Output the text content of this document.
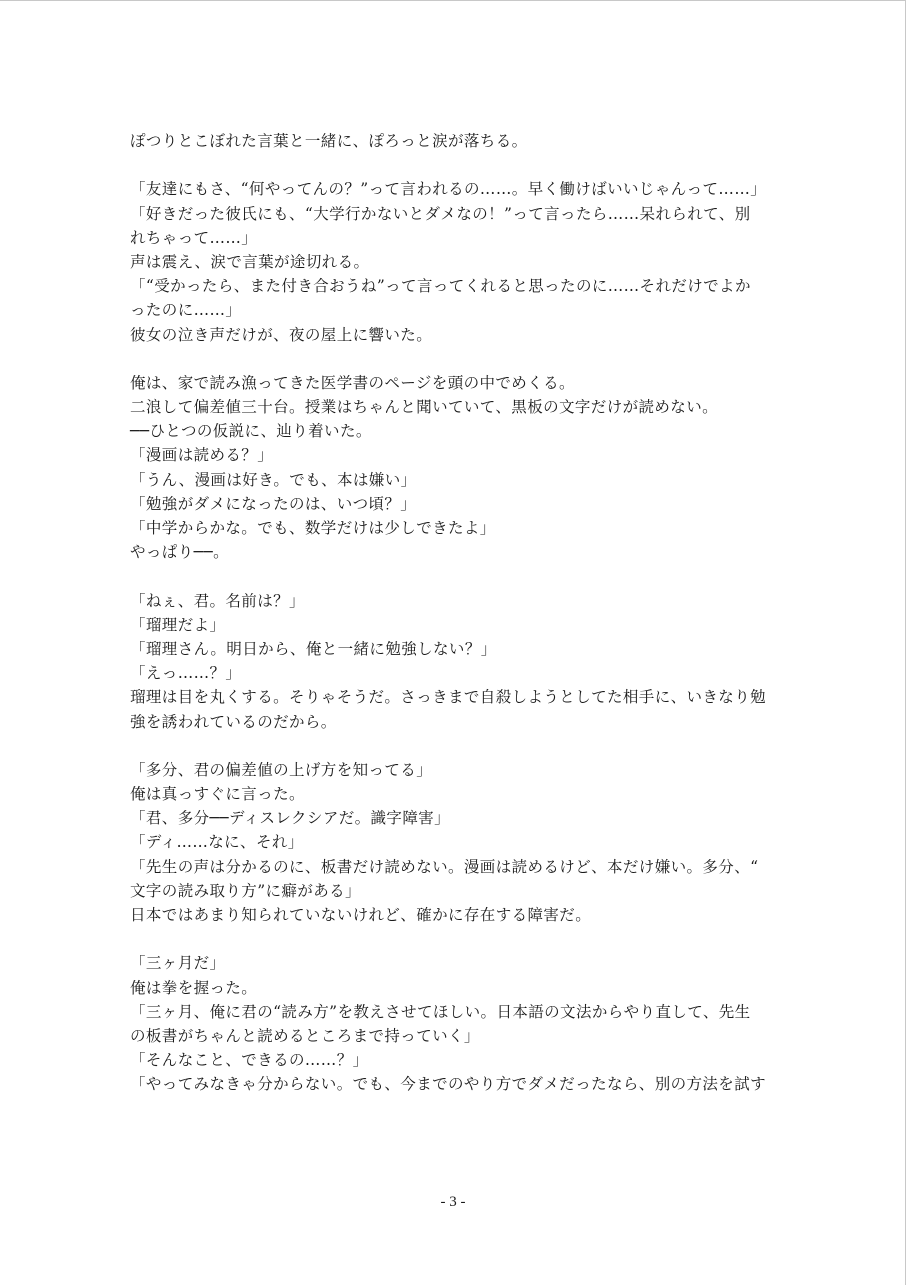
ぽつりとこぼれた言葉と一緒に、ぽろっと涙が落ちる。
「友達にもさ、“何やってんの？”って言われるの……。早く働けばいいじゃんって……」
「好きだった彼氏にも、“大学行かないとダメなの！”って言ったら……呆れられて、別
れちゃって……」
声は震え、涙で言葉が途切れる。
「“受かったら、また付き合おうね”って言ってくれると思ったのに……それだけでよか
ったのに……」
彼女の泣き声だけが、夜の屋上に響いた。
俺は、家で読み漁ってきた医学書のページを頭の中でめくる。
二浪して偏差値三十台。授業はちゃんと聞いていて、黒板の文字だけが読めない。
──ひとつの仮説に、辿り着いた。
「漫画は読める？」
「うん、漫画は好き。でも、本は嫌い」
「勉強がダメになったのは、いつ頃？」
「中学からかな。でも、数学だけは少しできたよ」
やっぱり──。
「ねぇ、君。名前は？」
「瑠理だよ」
「瑠理さん。明日から、俺と一緒に勉強しない？」
「えっ……？」
瑠理は目を丸くする。そりゃそうだ。さっきまで自殺しようとしてた相手に、いきなり勉
強を誘われているのだから。
「多分、君の偏差値の上げ方を知ってる」
俺は真っすぐに言った。
「君、多分──ディスレクシアだ。識字障害」
「ディ……なに、それ」
「先生の声は分かるのに、板書だけ読めない。漫画は読めるけど、本だけ嫌い。多分、“
文字の読み取り方”に癖がある」
日本ではあまり知られていないけれど、確かに存在する障害だ。
「三ヶ月だ」
俺は拳を握った。
「三ヶ月、俺に君の“読み方”を教えさせてほしい。日本語の文法からやり直して、先生
の板書がちゃんと読めるところまで持っていく」
「そんなこと、できるの……？」
「やってみなきゃ分からない。でも、今までのやり方でダメだったなら、別の方法を試す
- 3 -
